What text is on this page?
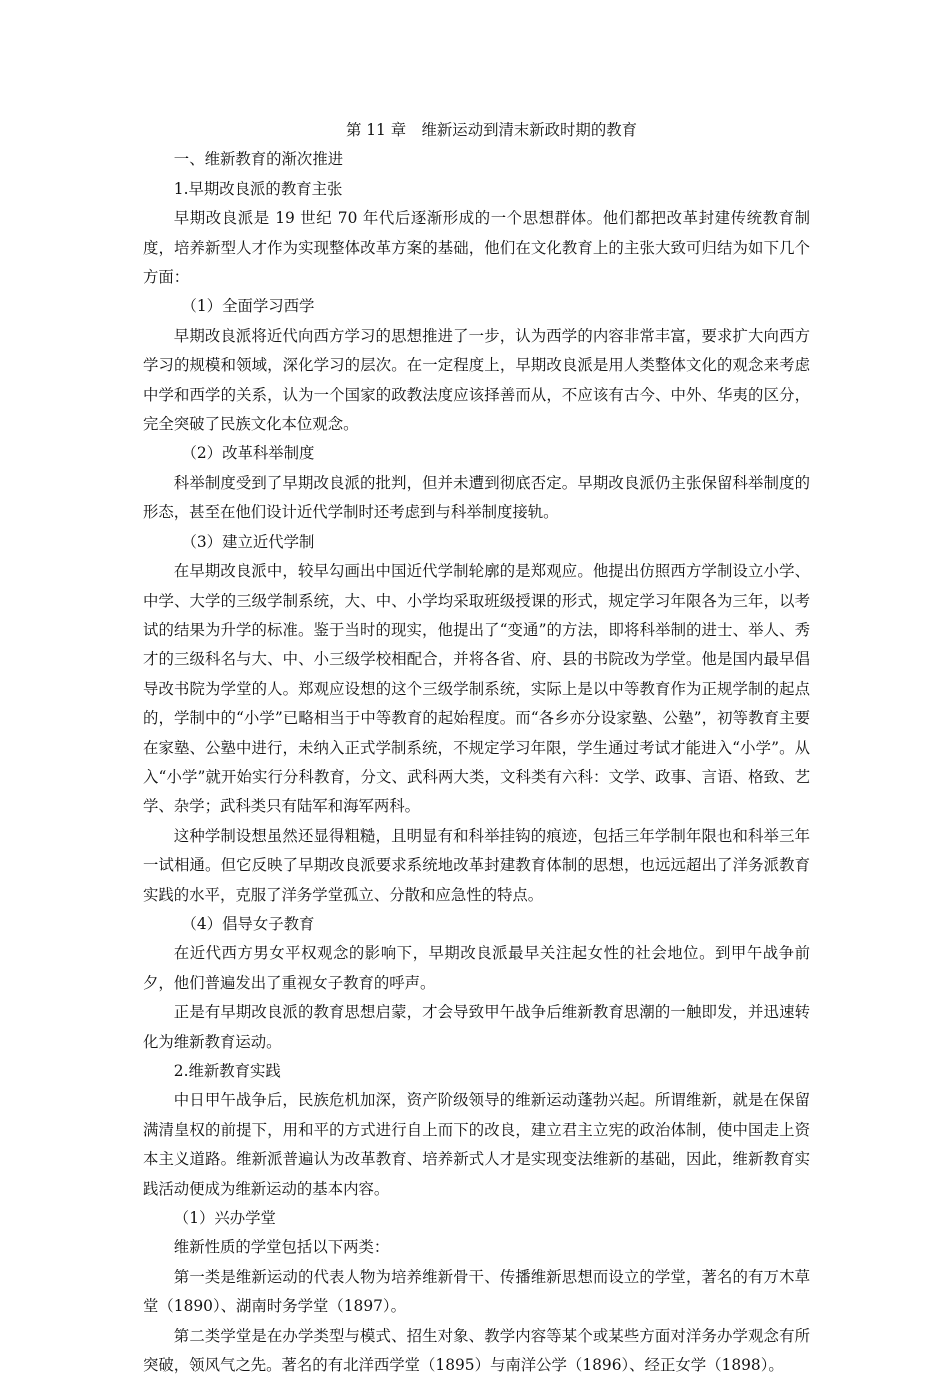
第 11 章　维新运动到清末新政时期的教育

一、维新教育的渐次推进

1.早期改良派的教育主张

早期改良派是 19 世纪 70 年代后逐渐形成的一个思想群体。他们都把改革封建传统教育制度，培养新型人才作为实现整体改革方案的基础，他们在文化教育上的主张大致可归结为如下几个方面：

（1）全面学习西学

早期改良派将近代向西方学习的思想推进了一步，认为西学的内容非常丰富，要求扩大向西方学习的规模和领域，深化学习的层次。在一定程度上，早期改良派是用人类整体文化的观念来考虑中学和西学的关系，认为一个国家的政教法度应该择善而从，不应该有古今、中外、华夷的区分，完全突破了民族文化本位观念。

（2）改革科举制度

科举制度受到了早期改良派的批判，但并未遭到彻底否定。早期改良派仍主张保留科举制度的形态，甚至在他们设计近代学制时还考虑到与科举制度接轨。

（3）建立近代学制

在早期改良派中，较早勾画出中国近代学制轮廓的是郑观应。他提出仿照西方学制设立小学、中学、大学的三级学制系统，大、中、小学均采取班级授课的形式，规定学习年限各为三年，以考试的结果为升学的标准。鉴于当时的现实，他提出了“变通”的方法，即将科举制的进士、举人、秀才的三级科名与大、中、小三级学校相配合，并将各省、府、县的书院改为学堂。他是国内最早倡导改书院为学堂的人。郑观应设想的这个三级学制系统，实际上是以中等教育作为正规学制的起点的，学制中的“小学”已略相当于中等教育的起始程度。而“各乡亦分设家塾、公塾”，初等教育主要在家塾、公塾中进行，未纳入正式学制系统，不规定学习年限，学生通过考试才能进入“小学”。从入“小学”就开始实行分科教育，分文、武科两大类，文科类有六科：文学、政事、言语、格致、艺学、杂学；武科类只有陆军和海军两科。

这种学制设想虽然还显得粗糙，且明显有和科举挂钩的痕迹，包括三年学制年限也和科举三年一试相通。但它反映了早期改良派要求系统地改革封建教育体制的思想，也远远超出了洋务派教育实践的水平，克服了洋务学堂孤立、分散和应急性的特点。

（4）倡导女子教育

在近代西方男女平权观念的影响下，早期改良派最早关注起女性的社会地位。到甲午战争前夕，他们普遍发出了重视女子教育的呼声。

正是有早期改良派的教育思想启蒙，才会导致甲午战争后维新教育思潮的一触即发，并迅速转化为维新教育运动。

2.维新教育实践

中日甲午战争后，民族危机加深，资产阶级领导的维新运动蓬勃兴起。所谓维新，就是在保留满清皇权的前提下，用和平的方式进行自上而下的改良，建立君主立宪的政治体制，使中国走上资本主义道路。维新派普遍认为改革教育、培养新式人才是实现变法维新的基础，因此，维新教育实践活动便成为维新运动的基本内容。

（1）兴办学堂

维新性质的学堂包括以下两类：

第一类是维新运动的代表人物为培养维新骨干、传播维新思想而设立的学堂，著名的有万木草堂（1890）、湖南时务学堂（1897）。

第二类学堂是在办学类型与模式、招生对象、教学内容等某个或某些方面对洋务办学观念有所突破，领风气之先。著名的有北洋西学堂（1895）与南洋公学（1896）、经正女学（1898）。
